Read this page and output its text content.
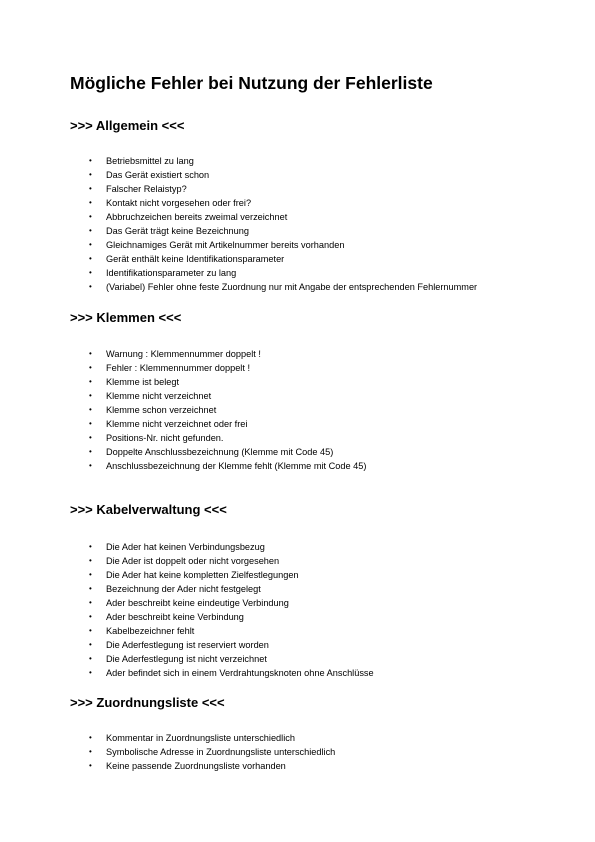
Mögliche Fehler bei Nutzung der Fehlerliste
>>> Allgemein <<<
• Betriebsmittel zu lang
• Das Gerät existiert schon
• Falscher Relaistyp?
• Kontakt nicht vorgesehen oder frei?
• Abbruchzeichen bereits zweimal verzeichnet
• Das Gerät trägt keine Bezeichnung
• Gleichnamiges Gerät mit Artikelnummer bereits vorhanden
• Gerät enthält keine Identifikationsparameter
• Identifikationsparameter zu lang
• (Variabel) Fehler ohne feste Zuordnung nur mit Angabe der entsprechenden Fehlernummer
>>> Klemmen <<<
• Warnung : Klemmennummer doppelt !
• Fehler : Klemmennummer doppelt !
• Klemme ist belegt
• Klemme nicht verzeichnet
• Klemme schon verzeichnet
• Klemme nicht verzeichnet oder frei
• Positions-Nr. nicht gefunden.
• Doppelte Anschlussbezeichnung (Klemme mit Code 45)
• Anschlussbezeichnung der Klemme fehlt (Klemme mit Code 45)
>>> Kabelverwaltung <<<
• Die Ader hat keinen Verbindungsbezug
• Die Ader ist doppelt oder nicht vorgesehen
• Die Ader hat keine kompletten Zielfestlegungen
• Bezeichnung der Ader nicht festgelegt
• Ader beschreibt keine eindeutige Verbindung
• Ader beschreibt keine Verbindung
• Kabelbezeichner fehlt
• Die Aderfestlegung ist reserviert worden
• Die Aderfestlegung ist nicht verzeichnet
• Ader befindet sich in einem Verdrahtungsknoten ohne Anschlüsse
>>> Zuordnungsliste <<<
• Kommentar in Zuordnungsliste unterschiedlich
• Symbolische Adresse in Zuordnungsliste unterschiedlich
• Keine passende Zuordnungsliste vorhanden
